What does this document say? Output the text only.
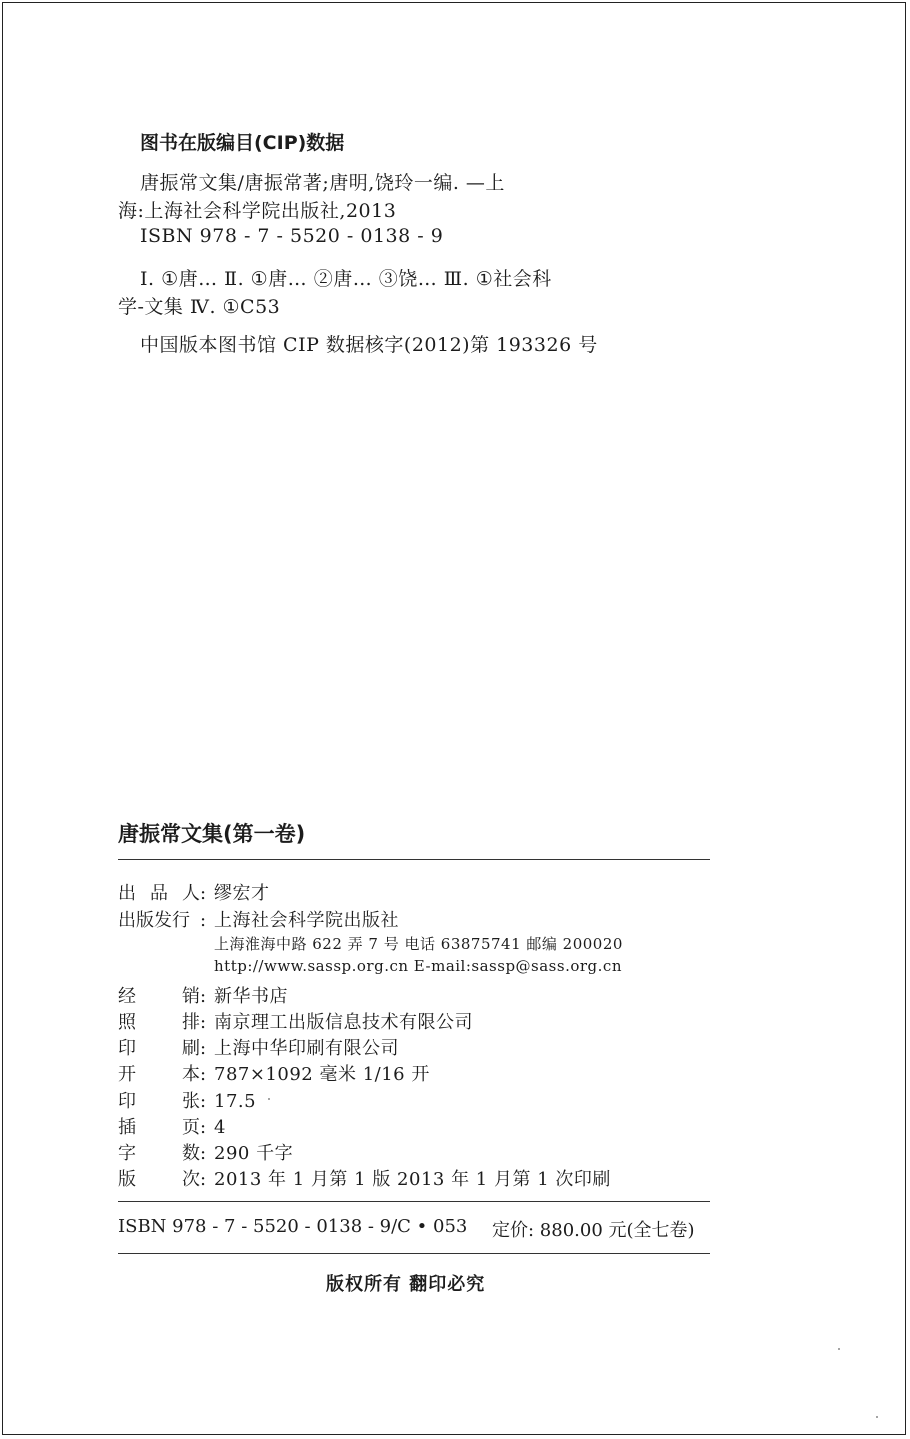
图书在版编目(CIP)数据
唐振常文集/唐振常著;唐明,饶玲一编. —上
海:上海社会科学院出版社,2013
ISBN 978 - 7 - 5520 - 0138 - 9
Ⅰ. ①唐… Ⅱ. ①唐… ②唐… ③饶… Ⅲ. ①社会科
学-文集 Ⅳ. ①C53
中国版本图书馆 CIP 数据核字(2012)第 193326 号
唐振常文集(第一卷)
出 品 人 : 缪宏才
出版发行 : 上海社会科学院出版社
上海淮海中路 622 弄 7 号 电话 63875741 邮编 200020
http://www.sassp.org.cn E-mail:sassp@sass.org.cn
经	销 : 新华书店
照	排 : 南京理工出版信息技术有限公司
印	刷 : 上海中华印刷有限公司
开	本 : 787×1092 毫米 1/16 开
印	张 : 17.5
插	页 : 4
字	数 : 290 千字
版	次 : 2013 年 1 月第 1 版 2013 年 1 月第 1 次印刷
ISBN 978 - 7 - 5520 - 0138 - 9/C • 053 定价: 880.00 元(全七卷)
版权所有 翻印必究
